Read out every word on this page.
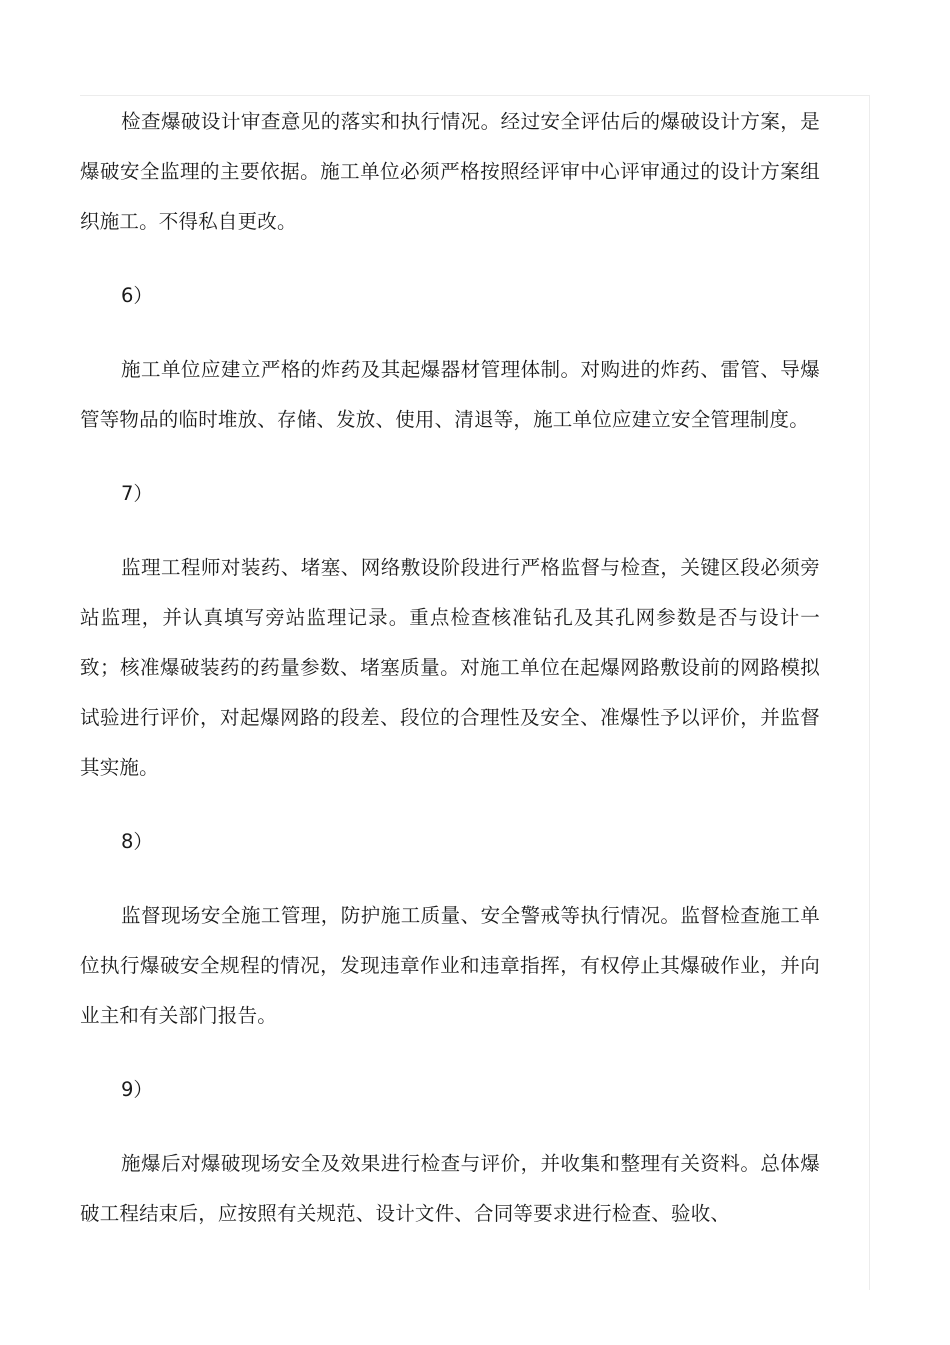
检查爆破设计审查意见的落实和执行情况。经过安全评估后的爆破设计方案，是爆破安全监理的主要依据。施工单位必须严格按照经评审中心评审通过的设计方案组织施工。不得私自更改。

6）

施工单位应建立严格的炸药及其起爆器材管理体制。对购进的炸药、雷管、导爆管等物品的临时堆放、存储、发放、使用、清退等，施工单位应建立安全管理制度。

7）

监理工程师对装药、堵塞、网络敷设阶段进行严格监督与检查，关键区段必须旁站监理，并认真填写旁站监理记录。重点检查核准钻孔及其孔网参数是否与设计一致；核准爆破装药的药量参数、堵塞质量。对施工单位在起爆网路敷设前的网路模拟试验进行评价，对起爆网路的段差、段位的合理性及安全、准爆性予以评价，并监督其实施。

8）

监督现场安全施工管理，防护施工质量、安全警戒等执行情况。监督检查施工单位执行爆破安全规程的情况，发现违章作业和违章指挥，有权停止其爆破作业，并向业主和有关部门报告。

9）

施爆后对爆破现场安全及效果进行检查与评价，并收集和整理有关资料。总体爆破工程结束后，应按照有关规范、设计文件、合同等要求进行检查、验收、
